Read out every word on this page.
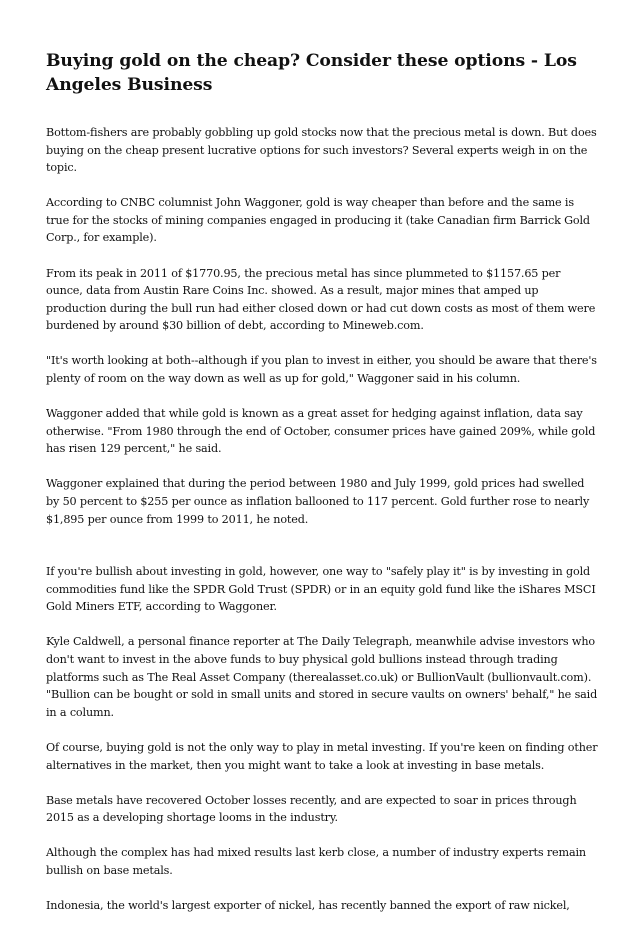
Buying gold on the cheap? Consider these options - Los Angeles Business

Bottom-fishers are probably gobbling up gold stocks now that the precious metal is down. But does buying on the cheap present lucrative options for such investors? Several experts weigh in on the topic.

According to CNBC columnist John Waggoner, gold is way cheaper than before and the same is true for the stocks of mining companies engaged in producing it (take Canadian firm Barrick Gold Corp., for example).

From its peak in 2011 of $1770.95, the precious metal has since plummeted to $1157.65 per ounce, data from Austin Rare Coins Inc. showed. As a result, major mines that amped up production during the bull run had either closed down or had cut down costs as most of them were burdened by around $30 billion of debt, according to Mineweb.com.

"It's worth looking at both--although if you plan to invest in either, you should be aware that there's plenty of room on the way down as well as up for gold," Waggoner said in his column.

Waggoner added that while gold is known as a great asset for hedging against inflation, data say otherwise. "From 1980 through the end of October, consumer prices have gained 209%, while gold has risen 129 percent," he said.

Waggoner explained that during the period between 1980 and July 1999, gold prices had swelled by 50 percent to $255 per ounce as inflation ballooned to 117 percent. Gold further rose to nearly $1,895 per ounce from 1999 to 2011, he noted.

If you're bullish about investing in gold, however, one way to "safely play it" is by investing in gold commodities fund like the SPDR Gold Trust (SPDR) or in an equity gold fund like the iShares MSCI Gold Miners ETF, according to Waggoner.

Kyle Caldwell, a personal finance reporter at The Daily Telegraph, meanwhile advise investors who don't want to invest in the above funds to buy physical gold bullions instead through trading platforms such as The Real Asset Company (therealasset.co.uk) or BullionVault (bullionvault.com). "Bullion can be bought or sold in small units and stored in secure vaults on owners' behalf," he said in a column.

Of course, buying gold is not the only way to play in metal investing. If you're keen on finding other alternatives in the market, then you might want to take a look at investing in base metals.

Base metals have recovered October losses recently, and are expected to soar in prices through 2015 as a developing shortage looms in the industry.

Although the complex has had mixed results last kerb close, a number of industry experts remain bullish on base metals.

Indonesia, the world's largest exporter of nickel, has recently banned the export of raw nickel,
